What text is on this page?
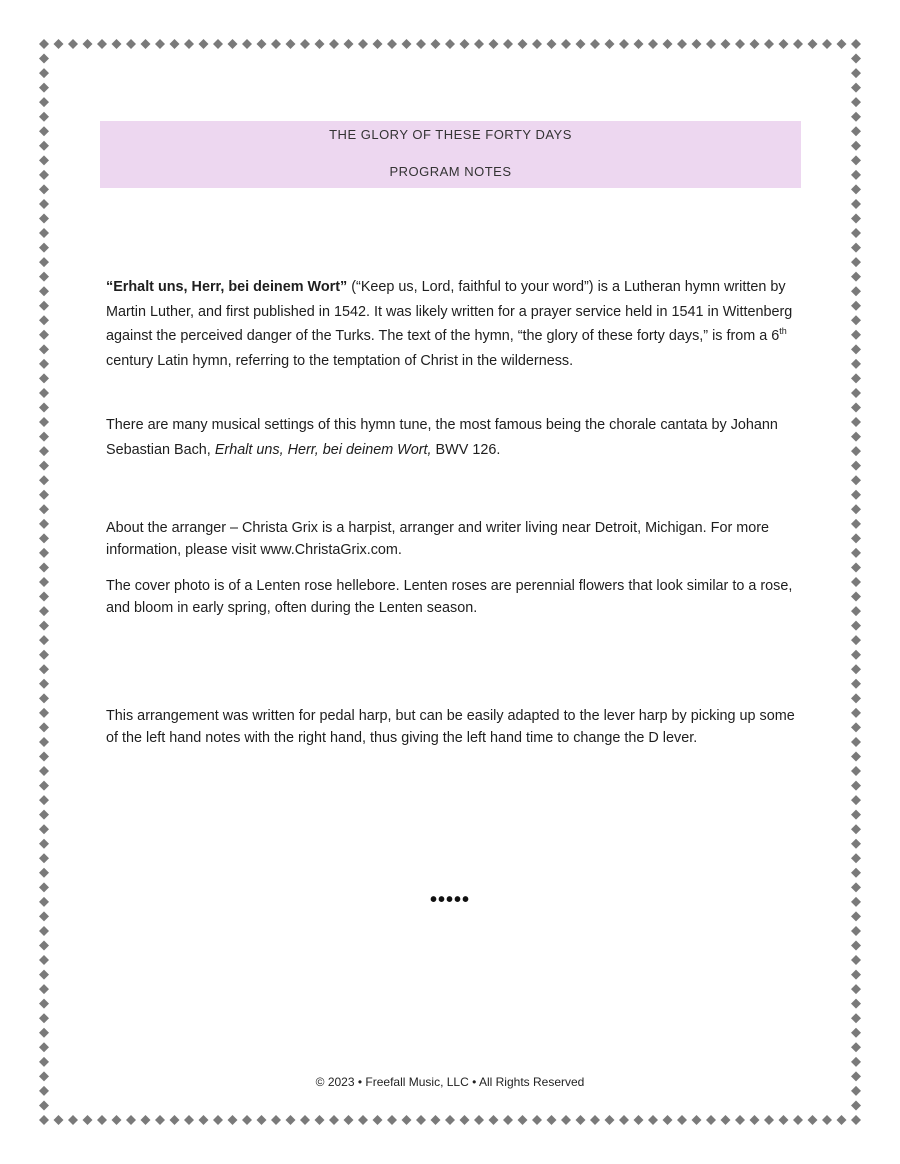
THE GLORY OF THESE FORTY DAYS
PROGRAM NOTES
“Erhalt uns, Herr, bei deinem Wort” (“Keep us, Lord, faithful to your word”) is a Lutheran hymn written by Martin Luther, and first published in 1542. It was likely written for a prayer service held in 1541 in Wittenberg against the perceived danger of the Turks. The text of the hymn, “the glory of these forty days,” is from a 6th century Latin hymn, referring to the temptation of Christ in the wilderness.
There are many musical settings of this hymn tune, the most famous being the chorale cantata by Johann Sebastian Bach, Erhalt uns, Herr, bei deinem Wort, BWV 126.
About the arranger – Christa Grix is a harpist, arranger and writer living near Detroit, Michigan. For more information, please visit www.ChristaGrix.com.
The cover photo is of a Lenten rose hellebore. Lenten roses are perennial flowers that look similar to a rose, and bloom in early spring, often during the Lenten season.
This arrangement was written for pedal harp, but can be easily adapted to the lever harp by picking up some of the left hand notes with the right hand, thus giving the left hand time to change the D lever.
•••••
© 2023 • Freefall Music, LLC • All Rights Reserved
